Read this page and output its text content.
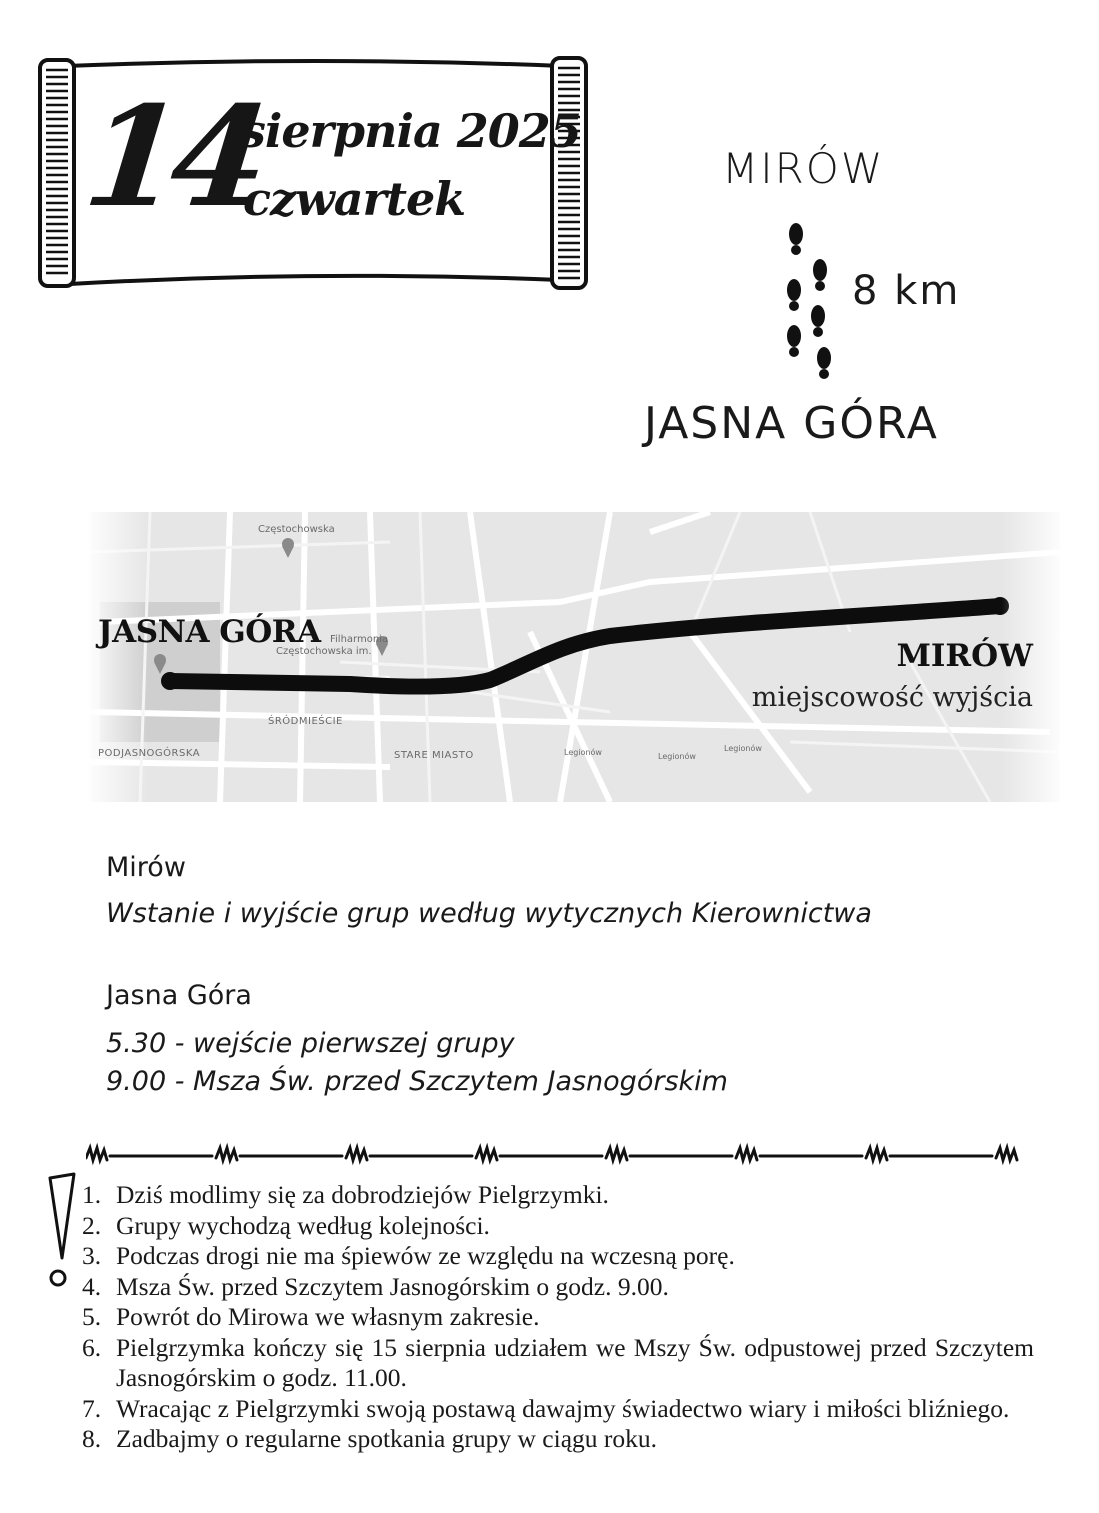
14
sierpnia 2025
czwartek
MIRÓW
8 km
JASNA GÓRA
Częstochowska
Filharmonia
Częstochowska im.
ŚRÓDMIEŚCIE
STARE MIASTO
PODJASNOGÓRSKA	Legionów	Legionów
Legionów
JASNA GÓRA
MIRÓW
miejscowość wyjścia
Mirów
Wstanie i wyjście grup według wytycznych Kierownictwa
Jasna Góra
5.30 - wejście pierwszej grupy
9.00 - Msza Św. przed Szczytem Jasnogórskim
1. Dziś modlimy się za dobrodziejów Pielgrzymki.
2. Grupy wychodzą według kolejności.
3. Podczas drogi nie ma śpiewów ze względu na wczesną porę.
4. Msza Św. przed Szczytem Jasnogórskim o godz. 9.00.
5. Powrót do Mirowa we własnym zakresie.
6. Pielgrzymka kończy się 15 sierpnia udziałem we Mszy Św. odpustowej przed Szczytem Jasnogórskim o godz. 11.00.
7. Wracając z Pielgrzymki swoją postawą dawajmy świadectwo wiary i miłości bliźniego.
8. Zadbajmy o regularne spotkania grupy w ciągu roku.
